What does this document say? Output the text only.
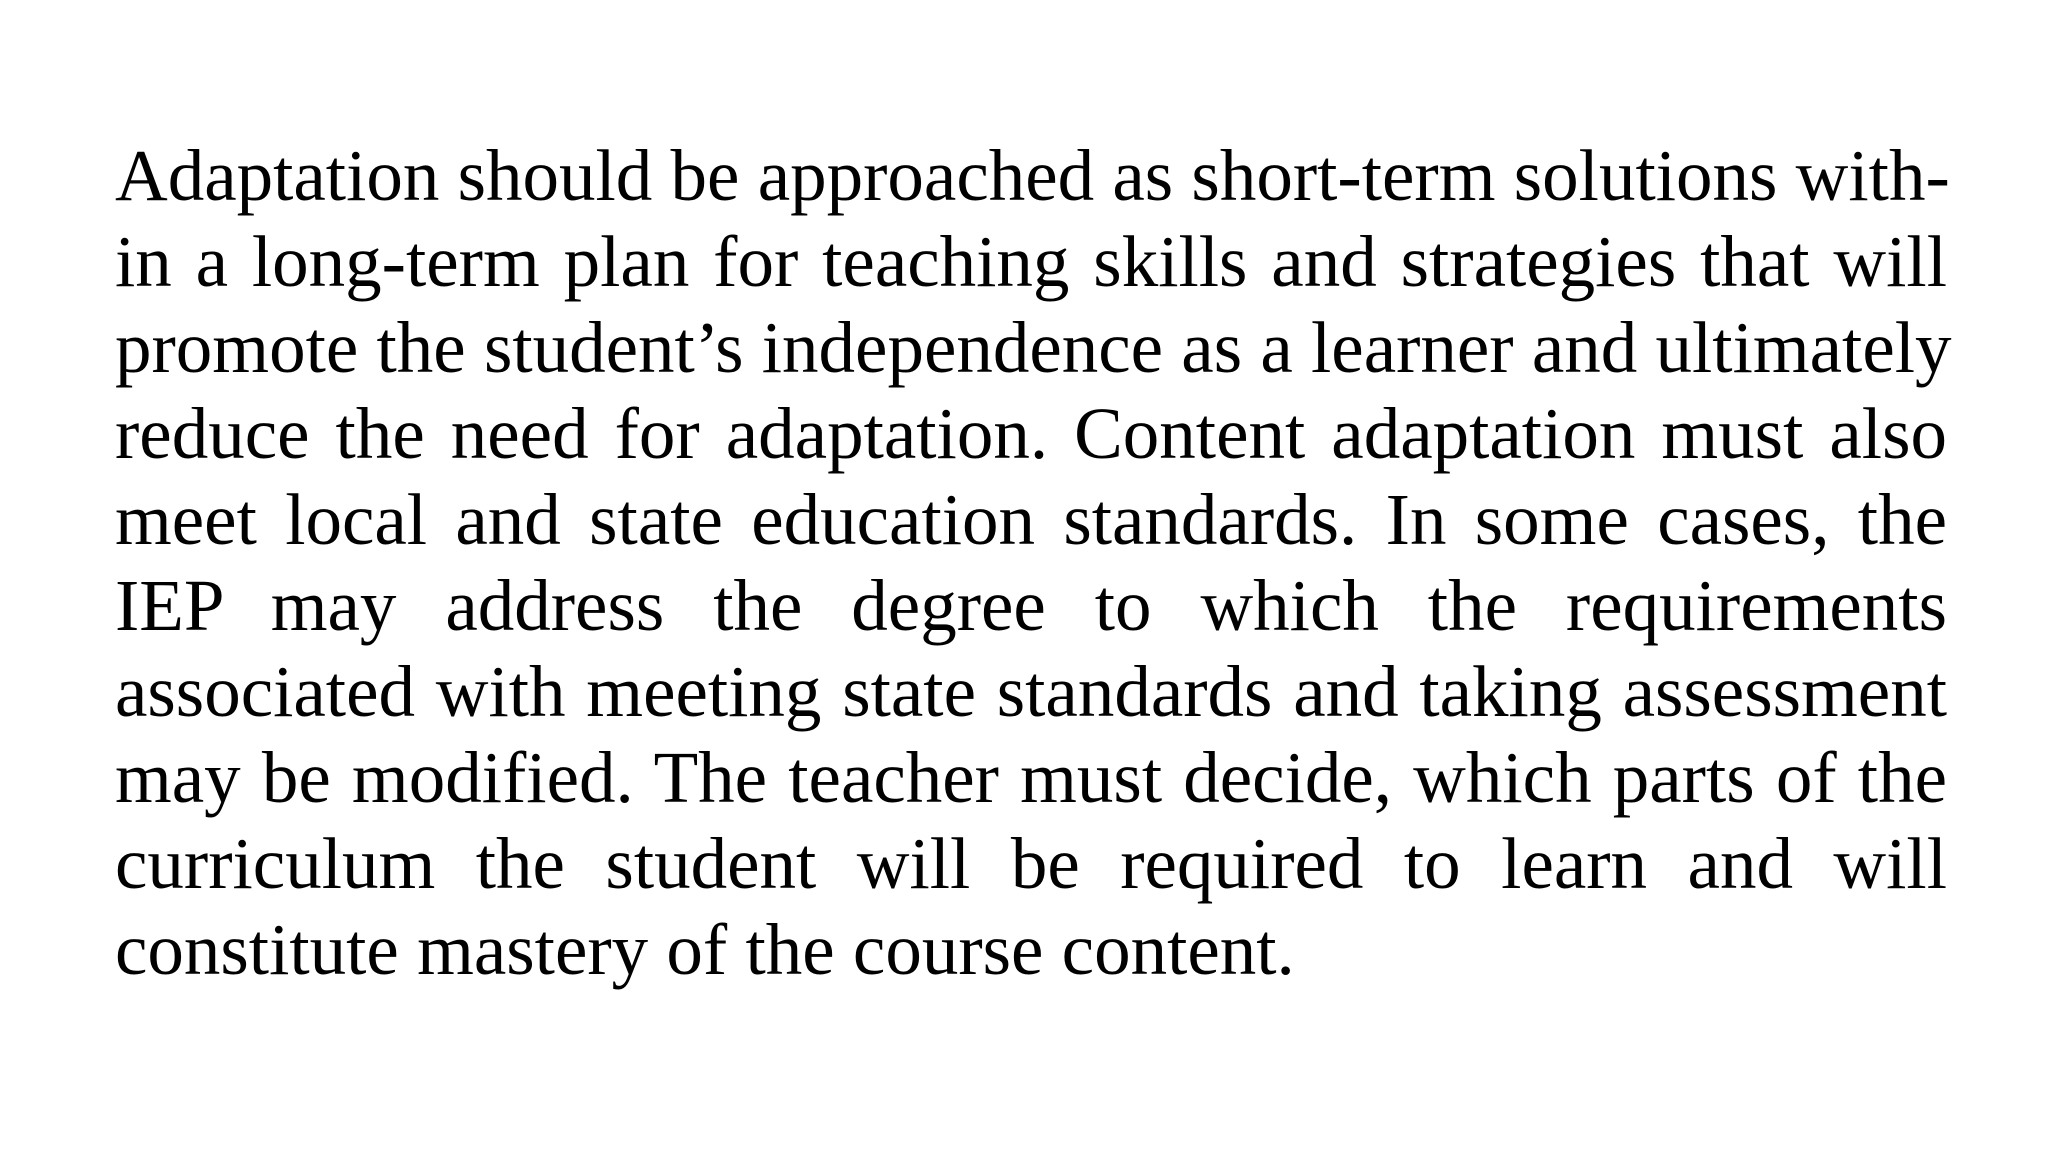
Adaptation should be approached as short-term solutions with-
in a long-term plan for teaching skills and strategies that will
promote the student’s independence as a learner and ultimately
reduce the need for adaptation. Content adaptation must also
meet local and state education standards. In some cases, the
IEP may address the degree to which the requirements
associated with meeting state standards and taking assessment
may be modified. The teacher must decide, which parts of the
curriculum the student will be required to learn and will
constitute mastery of the course content.
